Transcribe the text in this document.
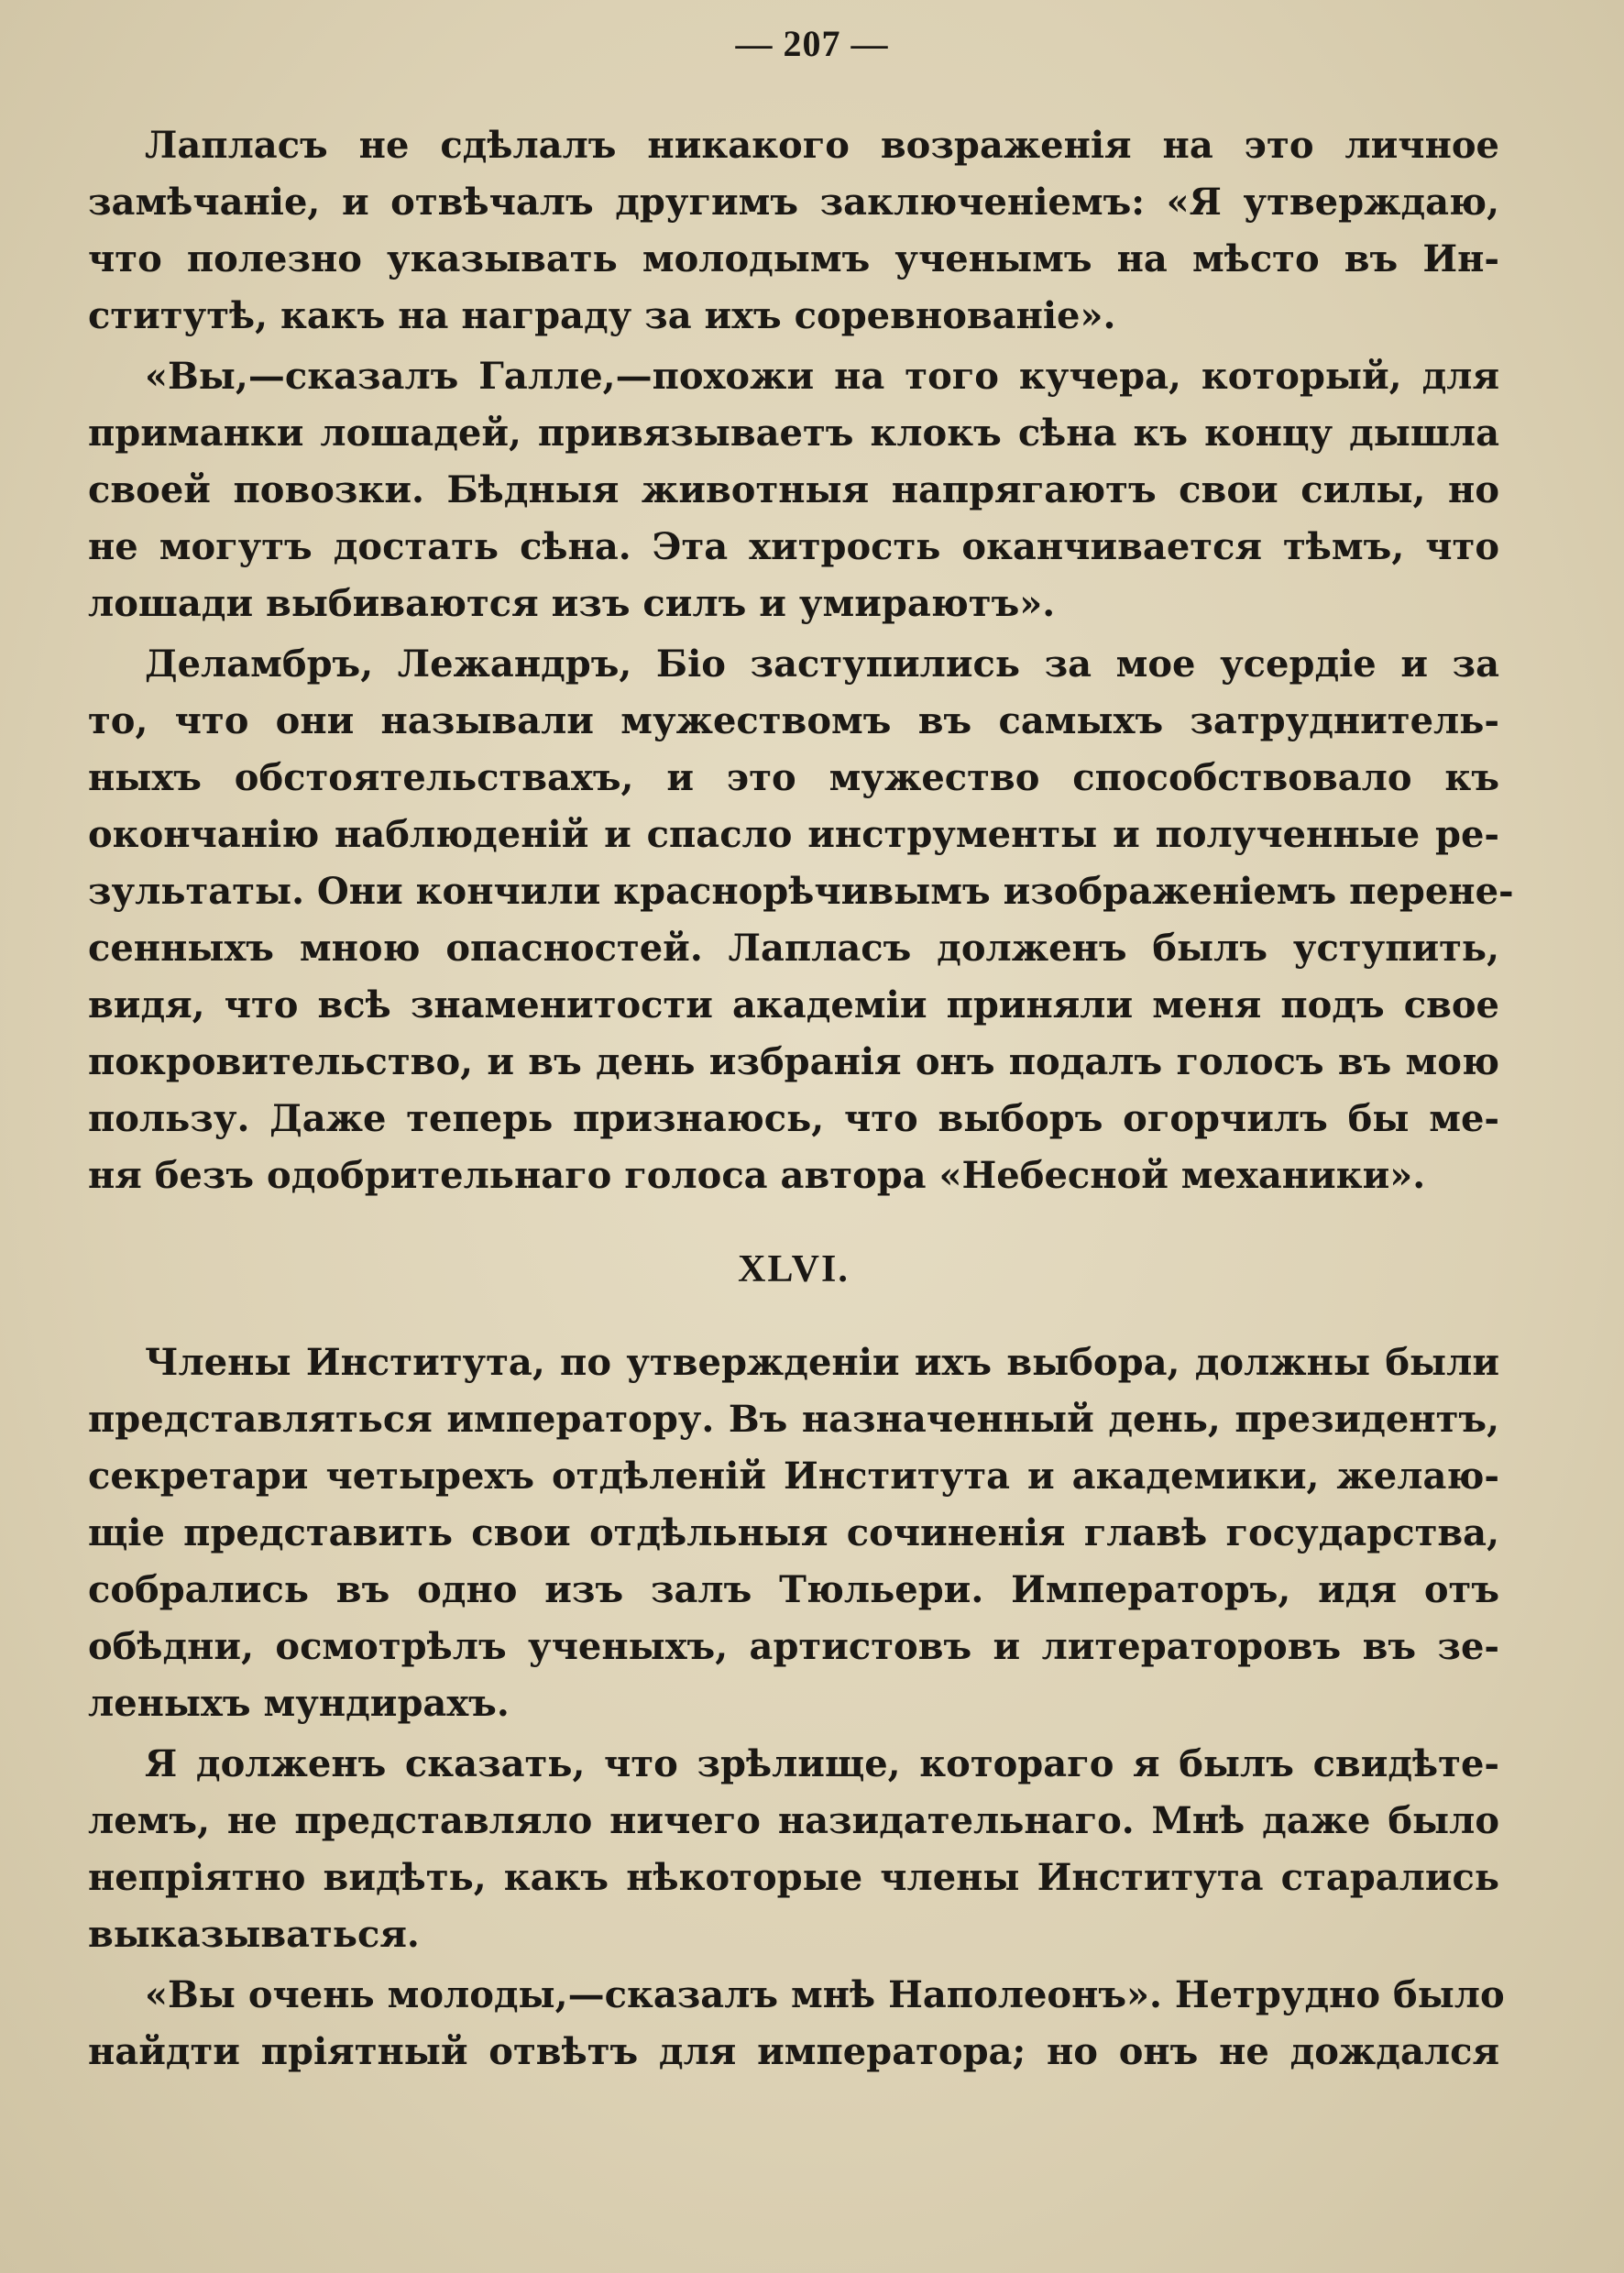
— 207 —
Лапласъ не сдѣлалъ никакого возраженія на это личное
замѣчаніе, и отвѣчалъ другимъ заключеніемъ: «Я утверждаю,
что полезно указывать молодымъ ученымъ на мѣсто въ Ин-
ститутѣ, какъ на награду за ихъ соревнованіе».
«Вы,—сказалъ Галле,—похожи на того кучера, который, для
приманки лошадей, привязываетъ клокъ сѣна къ концу дышла
своей повозки. Бѣдныя животныя напрягаютъ свои силы, но
не могутъ достать сѣна. Эта хитрость оканчивается тѣмъ, что
лошади выбиваются изъ силъ и умираютъ».
Деламбръ, Лежандръ, Біо заступились за мое усердіе и за
то, что они называли мужествомъ въ самыхъ затруднитель-
ныхъ обстоятельствахъ, и это мужество способствовало къ
окончанію наблюденій и спасло инструменты и полученные ре-
зультаты. Они кончили краснорѣчивымъ изображеніемъ перене-
сенныхъ мною опасностей. Лапласъ долженъ былъ уступить,
видя, что всѣ знаменитости академіи приняли меня подъ свое
покровительство, и въ день избранія онъ подалъ голосъ въ мою
пользу. Даже теперь признаюсь, что выборъ огорчилъ бы ме-
ня безъ одобрительнаго голоса автора «Небесной механики».
XLVI.
Члены Института, по утвержденіи ихъ выбора, должны были
представляться императору. Въ назначенный день, президентъ,
секретари четырехъ отдѣленій Института и академики, желаю-
щіе представить свои отдѣльныя сочиненія главѣ государства,
собрались въ одно изъ залъ Тюльери. Императоръ, идя отъ
обѣдни, осмотрѣлъ ученыхъ, артистовъ и литераторовъ въ зе-
леныхъ мундирахъ.
Я долженъ сказать, что зрѣлище, котораго я былъ свидѣте-
лемъ, не представляло ничего назидательнаго. Мнѣ даже было
непріятно видѣть, какъ нѣкоторые члены Института старались
выказываться.
«Вы очень молоды,—сказалъ мнѣ Наполеонъ». Нетрудно было
найдти пріятный отвѣтъ для императора; но онъ не дождался
